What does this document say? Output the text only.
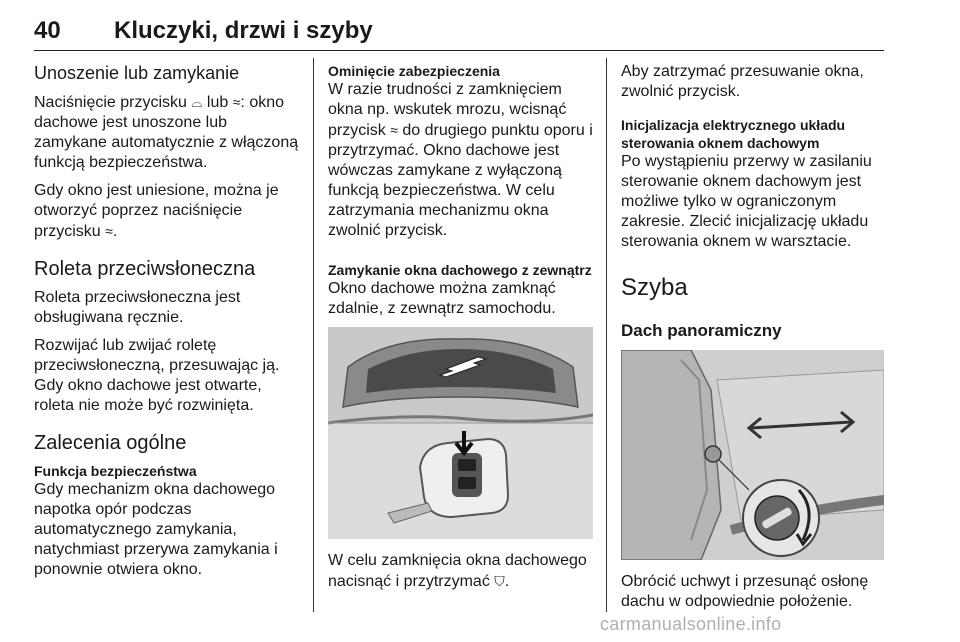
40 Kluczyki, drzwi i szyby
Unoszenie lub zamykanie

Naciśnięcie przycisku ⌓ lub ≈: okno dachowe jest unoszone lub zamykane automatycznie z włączoną funkcją bezpieczeństwa.

Gdy okno jest uniesione, można je otworzyć poprzez naciśnięcie przycisku ≈.

Roleta przeciwsłoneczna

Roleta przeciwsłoneczna jest obsługiwana ręcznie.

Rozwijać lub zwijać roletę przeciwsłoneczną, przesuwając ją. Gdy okno dachowe jest otwarte, roleta nie może być rozwinięta.

Zalecenia ogólne
Funkcja bezpieczeństwa

Gdy mechanizm okna dachowego napotka opór podczas automatycznego zamykania, natychmiast przerywa zamykania i ponownie otwiera okno.

Ominięcie zabezpieczenia

W razie trudności z zamknięciem okna np. wskutek mrozu, wcisnąć przycisk ≈ do drugiego punktu oporu i przytrzymać. Okno dachowe jest wówczas zamykane z wyłączoną funkcją bezpieczeństwa. W celu zatrzymania mechanizmu okna zwolnić przycisk.

Zamykanie okna dachowego z zewnątrz

Okno dachowe można zamknąć zdalnie, z zewnątrz samochodu.

W celu zamknięcia okna dachowego nacisnąć i przytrzymać ⛉.

Aby zatrzymać przesuwanie okna, zwolnić przycisk.

Inicjalizacja elektrycznego układu sterowania oknem dachowym

Po wystąpieniu przerwy w zasilaniu sterowanie oknem dachowym jest możliwe tylko w ograniczonym zakresie. Zlecić inicjalizację układu sterowania oknem w warsztacie.

Szyba
Dach panoramiczny

Obrócić uchwyt i przesunąć osłonę dachu w odpowiednie położenie.

carmanualsonline.info
